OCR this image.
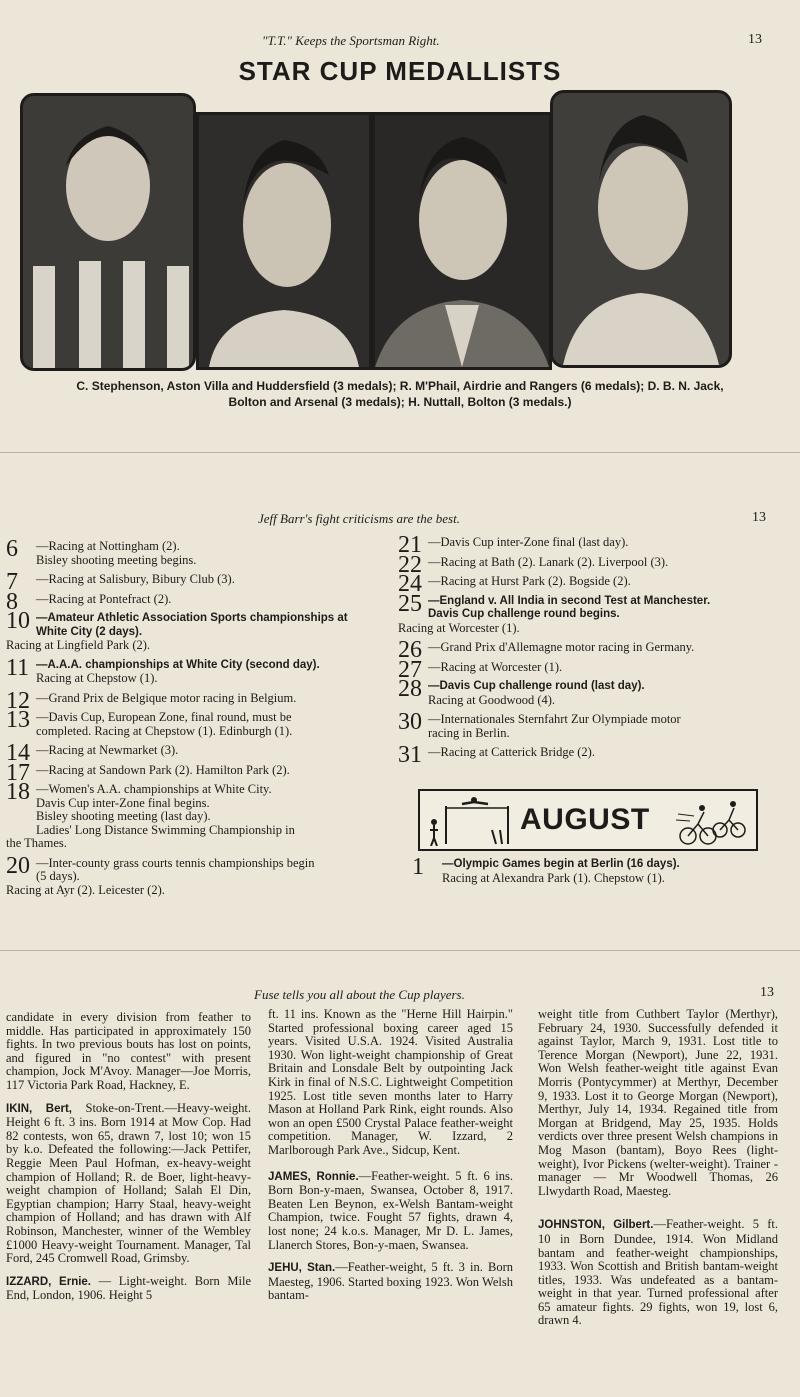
"T.T." Keeps the Sportsman Right.	13
STAR CUP MEDALLISTS
C. Stephenson, Aston Villa and Huddersfield (3 medals); R. M'Phail, Airdrie and Rangers (6 medals); D. B. N. Jack,
Bolton and Arsenal (3 medals); H. Nuttall, Bolton (3 medals.)
Jeff Barr's fight criticisms are the best.	13
6	—Racing at Nottingham (2).
Bisley shooting meeting begins.
7	—Racing at Salisbury, Bibury Club (3).
8	—Racing at Pontefract (2).
10 —Amateur Athletic Association Sports championships at
White City (2 days).
Racing at Lingfield Park (2).
11 —A.A.A. championships at White City (second day).
Racing at Chepstow (1).
12 —Grand Prix de Belgique motor racing in Belgium.
13 —Davis Cup, European Zone, final round, must be
completed. Racing at Chepstow (1). Edinburgh (1).
14 —Racing at Newmarket (3).
17 —Racing at Sandown Park (2). Hamilton Park (2).
18 —Women's A.A. championships at White City.
Davis Cup inter-Zone final begins.
Bisley shooting meeting (last day).
Ladies' Long Distance Swimming Championship in
the Thames.
20 —Inter-county grass courts tennis championships begin
(5 days).
Racing at Ayr (2). Leicester (2).
21 —Davis Cup inter-Zone final (last day).
22 —Racing at Bath (2). Lanark (2). Liverpool (3).
24 —Racing at Hurst Park (2). Bogside (2).
25 —England v. All India in second Test at Manchester.
Davis Cup challenge round begins.
Racing at Worcester (1).
26 —Grand Prix d'Allemagne motor racing in Germany.
27 —Racing at Worcester (1).
28 —Davis Cup challenge round (last day).
Racing at Goodwood (4).
30 —Internationales Sternfahrt Zur Olympiade motor
racing in Berlin.
31 —Racing at Catterick Bridge (2).
AUGUST
1	—Olympic Games begin at Berlin (16 days).
Racing at Alexandra Park (1). Chepstow (1).
Fuse tells you all about the Cup players.	13

candidate in every division from feather to middle. Has participated in approximately 150 fights. In two previous bouts has lost on points, and figured in "no contest" with present champion, Jock M'Avoy. Manager—Joe Morris, 117 Victoria Park Road, Hackney, E.

IKIN, Bert, Stoke-on-Trent.—Heavy-weight. Height 6 ft. 3 ins. Born 1914 at Mow Cop. Had 82 contests, won 65, drawn 7, lost 10; won 15 by k.o. Defeated the following:—Jack Pettifer, Reggie Meen Paul Hofman, ex-heavy-weight champion of Holland; R. de Boer, light-heavy-weight champion of Holland; Salah El Din, Egyptian champion; Harry Staal, heavy-weight champion of Holland; and has drawn with Alf Robinson, Manchester, winner of the Wembley £1000 Heavy-weight Tournament. Manager, Tal Ford, 245 Cromwell Road, Grimsby.

IZZARD, Ernie. — Light-weight. Born Mile End, London, 1906. Height 5

ft. 11 ins. Known as the "Herne Hill Hairpin." Started professional boxing career aged 15 years. Visited U.S.A. 1924. Visited Australia 1930. Won light-weight championship of Great Britain and Lonsdale Belt by outpointing Jack Kirk in final of N.S.C. Lightweight Competition 1925. Lost title seven months later to Harry Mason at Holland Park Rink, eight rounds. Also won an open £500 Crystal Palace feather-weight competition. Manager, W. Izzard, 2 Marlborough Park Ave., Sidcup, Kent.

JAMES, Ronnie.—Feather-weight. 5 ft. 6 ins. Born Bon-y-maen, Swansea, October 8, 1917. Beaten Len Beynon, ex-Welsh Bantam-weight Champion, twice. Fought 57 fights, drawn 4, lost none; 24 k.o.s. Manager, Mr D. L. James, Llanerch Stores, Bon-y-maen, Swansea.

JEHU, Stan.—Feather-weight, 5 ft. 3 in. Born Maesteg, 1906. Started boxing 1923. Won Welsh bantam-

weight title from Cuthbert Taylor (Merthyr), February 24, 1930. Successfully defended it against Taylor, March 9, 1931. Lost title to Terence Morgan (Newport), June 22, 1931. Won Welsh feather-weight title against Evan Morris (Pontycymmer) at Merthyr, December 9, 1933. Lost it to George Morgan (Newport), Merthyr, July 14, 1934. Regained title from Morgan at Bridgend, May 25, 1935. Holds verdicts over three present Welsh champions in Mog Mason (bantam), Boyo Rees (light-weight), Ivor Pickens (welter-weight). Trainer - manager — Mr Woodwell Thomas, 26 Llwydarth Road, Maesteg.

JOHNSTON, Gilbert.—Feather-weight. 5 ft. 10 in Born Dundee, 1914. Won Midland bantam and feather-weight championships, 1933. Won Scottish and British bantam-weight titles, 1933. Was undefeated as a bantam-weight in that year. Turned professional after 65 amateur fights. 29 fights, won 19, lost 6, drawn 4.
